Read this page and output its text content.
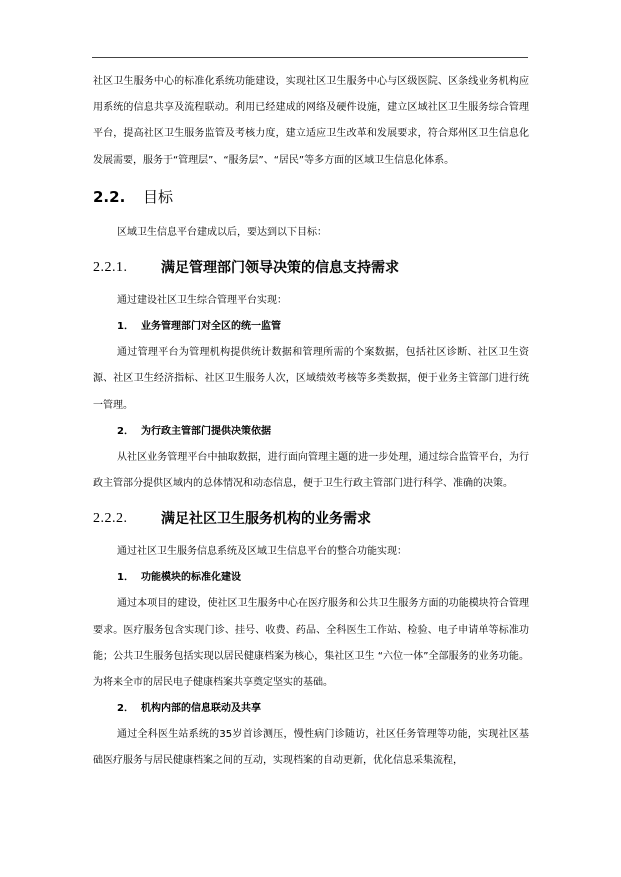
社区卫生服务中心的标准化系统功能建设，实现社区卫生服务中心与区级医院、区条线业务机构应用系统的信息共享及流程联动。利用已经建成的网络及硬件设施，建立区域社区卫生服务综合管理平台，提高社区卫生服务监管及考核力度，建立适应卫生改革和发展要求，符合郑州区卫生信息化发展需要，服务于“管理层”、“服务层”、“居民”等多方面的区域卫生信息化体系。

2.2.	目标

区域卫生信息平台建成以后，要达到以下目标：

2.2.1.	满足管理部门领导决策的信息支持需求

通过建设社区卫生综合管理平台实现：

1． 业务管理部门对全区的统一监管

通过管理平台为管理机构提供统计数据和管理所需的个案数据，包括社区诊断、社区卫生资源、社区卫生经济指标、社区卫生服务人次，区域绩效考核等多类数据，便于业务主管部门进行统一管理。

2． 为行政主管部门提供决策依据

从社区业务管理平台中抽取数据，进行面向管理主题的进一步处理，通过综合监管平台，为行政主管部分提供区域内的总体情况和动态信息，便于卫生行政主管部门进行科学、准确的决策。

2.2.2.	满足社区卫生服务机构的业务需求

通过社区卫生服务信息系统及区域卫生信息平台的整合功能实现：

1． 功能模块的标准化建设

通过本项目的建设，使社区卫生服务中心在医疗服务和公共卫生服务方面的功能模块符合管理要求。医疗服务包含实现门诊、挂号、收费、药品、全科医生工作站、检验、电子申请单等标准功能；公共卫生服务包括实现以居民健康档案为核心，集社区卫生 “六位一体”全部服务的业务功能。为将来全市的居民电子健康档案共享奠定坚实的基础。

2． 机构内部的信息联动及共享

通过全科医生站系统的35岁首诊测压，慢性病门诊随访，社区任务管理等功能，实现社区基础医疗服务与居民健康档案之间的互动，实现档案的自动更新，优化信息采集流程，
